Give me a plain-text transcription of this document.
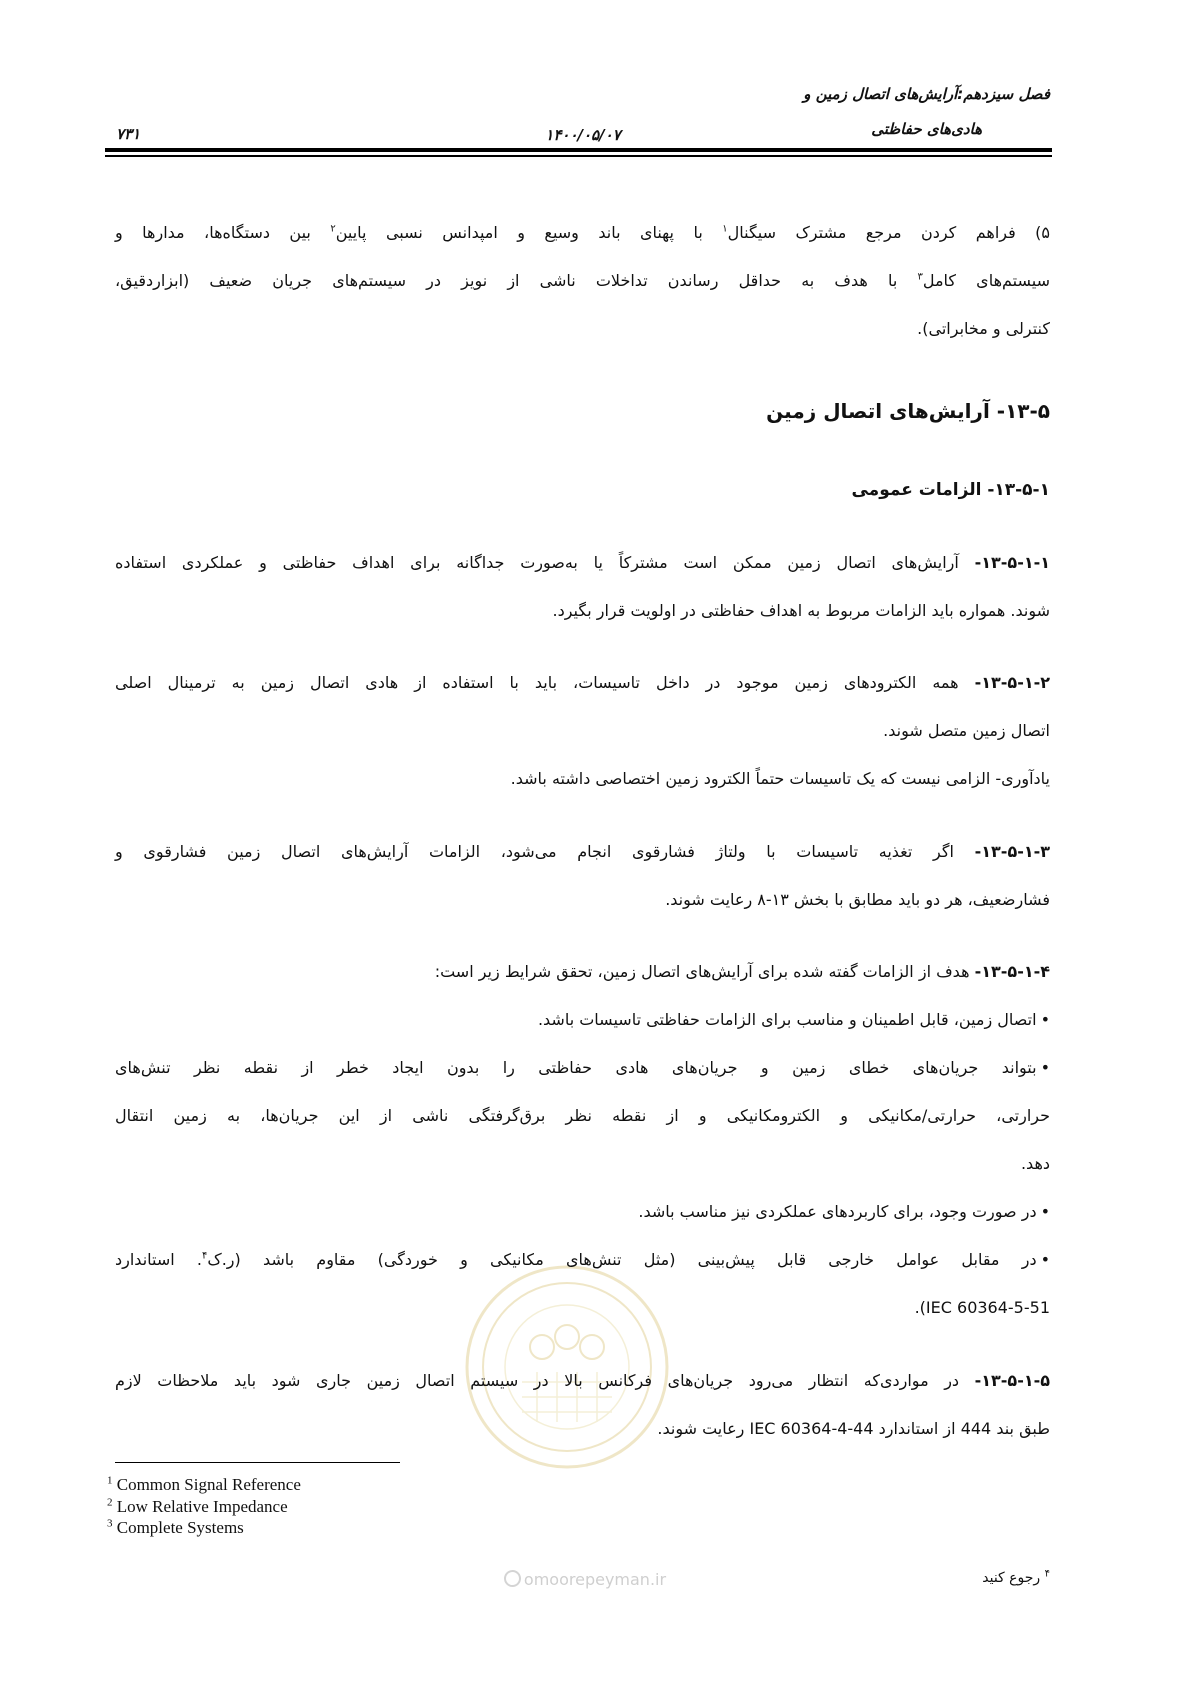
فصل سیزدهم:آرایش‌های اتصال زمین و
هادی‌های حفاظتی
۱۴۰۰/۰۵/۰۷
۷۳۱
۵) فراهم کردن مرجع مشترک سیگنال$^۱$ با پهنای باند وسیع و امپدانس نسبی پایین$^۲$ بین دستگاه‌ها، مدارها و
سیستم‌های کامل$^۳$ با هدف به حداقل رساندن تداخلات ناشی از نویز در سیستم‌های جریان ضعیف (ابزاردقیق،
کنترلی و مخابراتی).
۱۳-۵- آرایش‌های اتصال زمین
۱۳-۵-۱- الزامات عمومی
۱۳-۵-۱-۱- آرایش‌های اتصال زمین ممکن است مشترکاً یا به‌صورت جداگانه برای اهداف حفاظتی و عملکردی استفاده
شوند. همواره باید الزامات مربوط به اهداف حفاظتی در اولویت قرار بگیرد.
۱۳-۵-۱-۲- همه الکترودهای زمین موجود در داخل تاسیسات، باید با استفاده از هادی اتصال زمین به ترمینال اصلی
اتصال زمین متصل شوند.
یادآوری- الزامی نیست که یک تاسیسات حتماً الکترود زمین اختصاصی داشته باشد.
۱۳-۵-۱-۳- اگر تغذیه تاسیسات با ولتاژ فشارقوی انجام می‌شود، الزامات آرایش‌های اتصال زمین فشارقوی و
فشارضعیف، هر دو باید مطابق با بخش ۱۳-۸ رعایت شوند.
۱۳-۵-۱-۴- هدف از الزامات گفته شده برای آرایش‌های اتصال زمین، تحقق شرایط زیر است:
•اتصال زمین، قابل اطمینان و مناسب برای الزامات حفاظتی تاسیسات باشد.
•بتواند جریان‌های خطای زمین و جریان‌های هادی حفاظتی را بدون ایجاد خطر از نقطه نظر تنش‌های
حرارتی، حرارتی/مکانیکی و الکترومکانیکی و از نقطه نظر برق‌گرفتگی ناشی از این جریان‌ها، به زمین انتقال
دهد.
•در صورت وجود، برای کاربردهای عملکردی نیز مناسب باشد.
•در مقابل عوامل خارجی قابل پیش‌بینی (مثل تنش‌های مکانیکی و خوردگی) مقاوم باشد (ر.ک$^۴$. استاندارد
IEC 60364-5-51).
۱۳-۵-۱-۵- در مواردی‌که انتظار می‌رود جریان‌های فرکانس بالا در سیستم اتصال زمین جاری شود باید ملاحظات لازم
طبق بند 444 از استاندارد IEC 60364-4-44 رعایت شوند.
$^1$ Common Signal Reference
$^2$ Low Relative Impedance
$^3$ Complete Systems
$^۴$ رجوع کنید
omoorepeyman.ir
